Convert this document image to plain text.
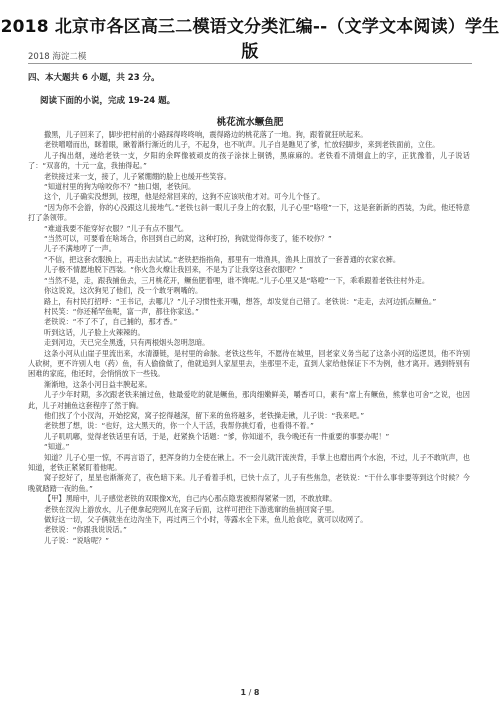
2018 北京市各区高三二模语文分类汇编--（文学文本阅读）学生版
2018 海淀二模
四、本大题共 6 小题，共 23 分。
阅读下面的小说，完成 19-24 题。
桃花流水鳜鱼肥

撒黑，儿子回来了，脚步把村前的小路踩得咚咚响，震得路边的桃花落了一地。狗，跟着就狂吠起来。

老铁噌噌而出，眯着眼，瞅着渐行渐近的儿子，不起身，也不吭声。儿子自是瞧见了爹，忙放轻脚步，来到老铁面前，立住。

儿子掏出烟，递给老铁一支，夕阳的余晖像被顽皮的孩子涂抹上铜锈，黑麻麻的。老铁看不清烟盒上的字，正犹豫着，儿子说话了：“双喜的，十元一盒，我抽得起。”

老铁接过来一支，接了，儿子紧绷绷的脸上也缓开些笑容。

“知道村里的狗为啥咬你不？”抽口烟，老铁问。

这个，儿子确实没想到，按理，他是经常回来的，这狗不应该吠他才对。可今儿个怪了。

“因为你不会游，你的心没跟这儿接地气。”老铁乜斜一眼儿子身上的衣服，儿子心里“咯噔”一下，这是套新新的西装，为此，他还特意打了条领带。

“难道我要不能穿好衣服？”儿子有点不服气。

“当然可以，可要看在啥场合，你回到自己的窝，这种打扮，狗就觉得你变了，能不咬你？”

儿子不满地哼了一声。

“不信，把这套衣服换上，再走出去试试。”老铁把指指角，那里有一堆渔具，渔具上面放了一套普通的衣家衣裤。

儿子极不情愿地脱下西装。“你火急火燎让我回来，不是为了让我穿这套衣服吧？”

“当然不是，走，跟我捕鱼去，三月桃花开，鳜鱼肥着哩，谁不馋呢。”儿子心里又是“咯噔”一下，乖乖跟着老铁往村外走。

你这说说，这次狗见了他们，没一个敢牙咧嘴的。

路上，有村民打招呼：“王书记，去哪儿？”儿子习惯性张开嘴，想答，却发觉自己错了。老铁说：“走走，去河边抓点鳜鱼。”

村民笑：“你还稀罕鱼呢，富一声，都往你家送。”

老铁说：“不了不了，自己捕的，那才香。”

听到这话，儿子脸上火辣辣的。

走到河边，天已完全黑透，只有两根烟头忽明忽暗。

这条小河从山崖子里流出来，水清瀑链，是村里的命脉。老铁这些年，不愿待在城里，回老家义务当起了这条小河的巡逻员，他不许别人砍树，更不许别人电（药）鱼，有人偷偷做了，他就追到人家屋里去，坐那里不走，直到人家给他保证下不为例，他才离开。遇到特别有困难的家庭，他还时，会悄悄放下一些钱。

渐渐地，这条小河日益丰腴起来。

儿子少年时期，多次跟老铁来捕过鱼，他最爱吃的就是鳜鱼，那肉细嫩鲜美，嚼香可口，素有“席上有鳜鱼，熊掌也可舍”之说，也因此，儿子对捕鱼这套程序了然于胸。

他们找了个小汊沟，开始挖窝，窝子挖得越深，留下来的鱼将越多，老铁操走锹，儿子说：“我来吧。”

老铁想了想，说：“也好，这大黑天的，你一个人干活，我帮你挑灯看，也看得不着。”

儿子叽叽嘟，觉得老铁话里有话，于是，赶紧换个话题：“爹，你知道不，我今晚还有一件重要的事要办呢！”

“知道。”

知道？儿子心里一惊，不再言语了，把浑身的力全使在锹上。不一会儿就汗流浃背，手掌上也磨出两个水泡，不过，儿子不敢吭声，也知道，老铁正紧紧盯着他呢。

窝子挖好了，星星也渐渐亮了，夜色暗下来。儿子看着手机，已快十点了，儿子有些焦急，老铁说：“干什么事非要等到这个时候？今晚就踏踏一夜的鱼。”

【甲】黑暗中，儿子感觉老铁的双眼像X光，自己内心那点隐衷被照得紧紧一团，不敢放肆。

老铁在汊沟上游放水，儿子便拿起兜网儿在窝子后面，这样可把往下游逃窜的鱼捎回窝子里。

做好这一切，父子俩就坐在边沟坐下，再过两三个小时，等露水全下来，鱼儿抢食吃，就可以收网了。

老铁说：“你跟我说说话。”

儿子说：“说啥呢？”

1 / 8
